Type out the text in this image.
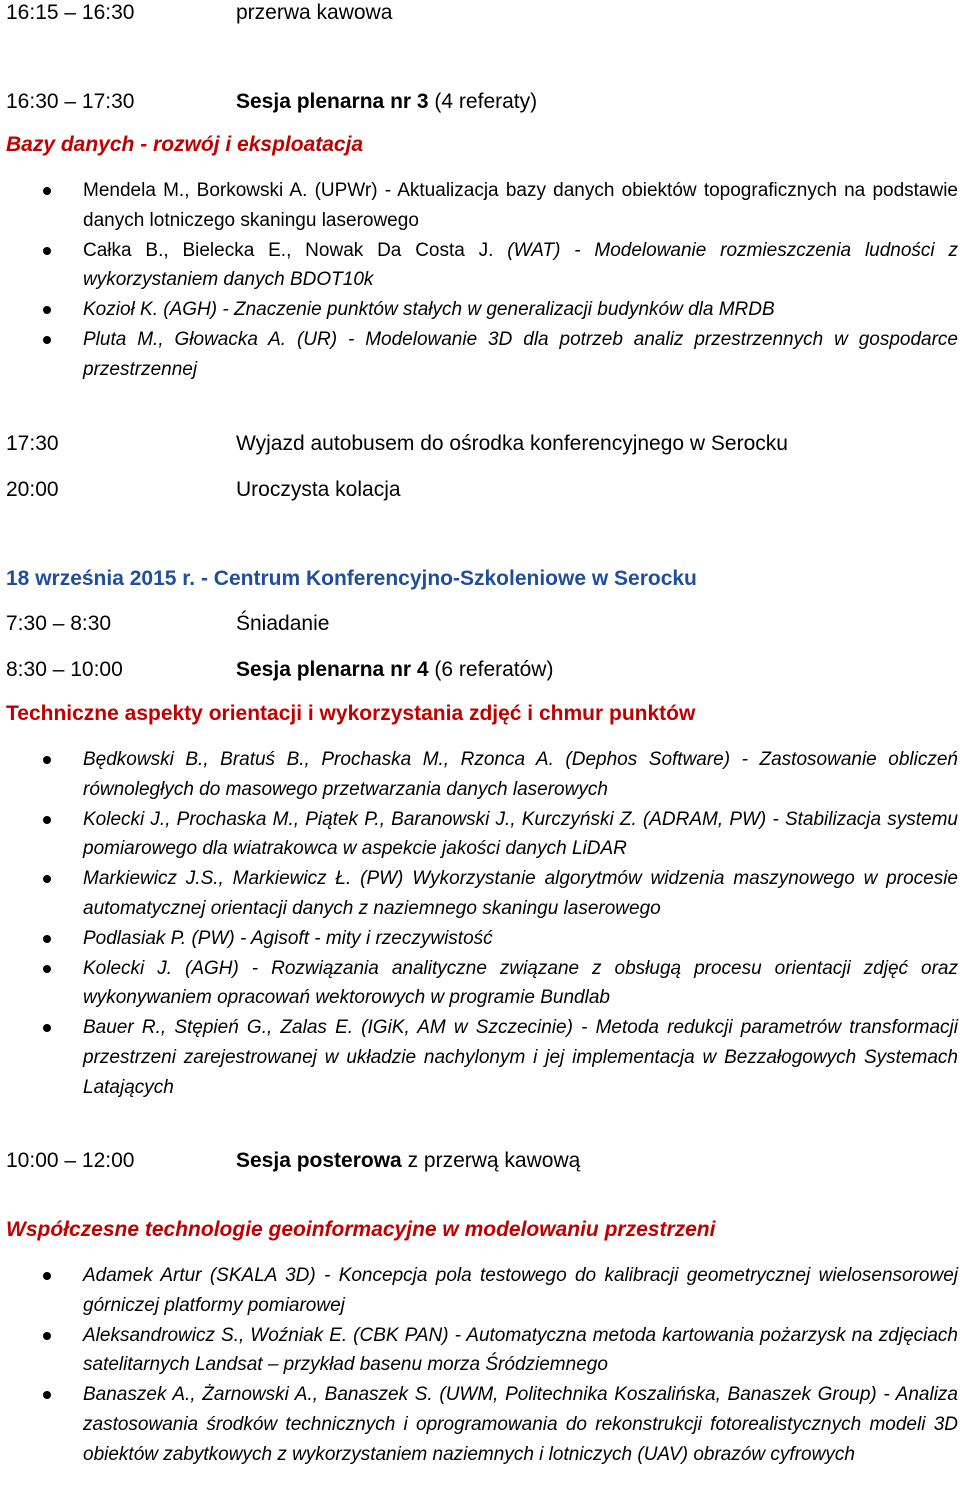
16:15 – 16:30	przerwa kawowa
16:30 – 17:30	Sesja plenarna nr 3 (4 referaty)
Bazy danych - rozwój i eksploatacja
Mendela M., Borkowski A. (UPWr) - Aktualizacja bazy danych obiektów topograficznych na podstawie danych lotniczego skaningu laserowego
Całka B., Bielecka E., Nowak Da Costa J. (WAT) - Modelowanie rozmieszczenia ludności z wykorzystaniem danych BDOT10k
Kozioł K. (AGH) - Znaczenie punktów stałych w generalizacji budynków dla MRDB
Pluta M., Głowacka A. (UR) - Modelowanie 3D dla potrzeb analiz przestrzennych w gospodarce przestrzennej
17:30	Wyjazd autobusem do ośrodka konferencyjnego w Serocku
20:00	Uroczysta kolacja
18 września 2015 r. - Centrum Konferencyjno-Szkoleniowe w Serocku
7:30 – 8:30	Śniadanie
8:30 – 10:00	Sesja plenarna nr 4 (6 referatów)
Techniczne aspekty orientacji i wykorzystania zdjęć i chmur punktów
Będkowski B., Bratuś B., Prochaska M., Rzonca A. (Dephos Software) - Zastosowanie obliczeń równoległych do masowego przetwarzania danych laserowych
Kolecki J., Prochaska M., Piątek P., Baranowski J., Kurczyński Z. (ADRAM, PW) - Stabilizacja systemu pomiarowego dla wiatrakowca w aspekcie jakości danych LiDAR
Markiewicz J.S., Markiewicz Ł. (PW) Wykorzystanie algorytmów widzenia maszynowego w procesie automatycznej orientacji danych z naziemnego skaningu laserowego
Podlasiak P. (PW) - Agisoft - mity i rzeczywistość
Kolecki J. (AGH) - Rozwiązania analityczne związane z obsługą procesu orientacji zdjęć oraz wykonywaniem opracowań wektorowych w programie Bundlab
Bauer R., Stępień G., Zalas E. (IGiK, AM w Szczecinie) - Metoda redukcji parametrów transformacji przestrzeni zarejestrowanej w układzie nachylonym i jej implementacja w Bezzałogowych Systemach Latających
10:00 – 12:00	Sesja posterowa z przerwą kawową
Współczesne technologie geoinformacyjne w modelowaniu przestrzeni
Adamek Artur (SKALA 3D) - Koncepcja pola testowego do kalibracji geometrycznej wielosensorowej górniczej platformy pomiarowej
Aleksandrowicz S., Woźniak E. (CBK PAN) - Automatyczna metoda kartowania pożarzysk na zdjęciach satelitarnych Landsat – przykład basenu morza Śródziemnego
Banaszek A., Żarnowski A., Banaszek S. (UWM, Politechnika Koszalińska, Banaszek Group) - Analiza zastosowania środków technicznych i oprogramowania do rekonstrukcji fotorealistycznych modeli 3D obiektów zabytkowych z wykorzystaniem naziemnych i lotniczych (UAV) obrazów cyfrowych
